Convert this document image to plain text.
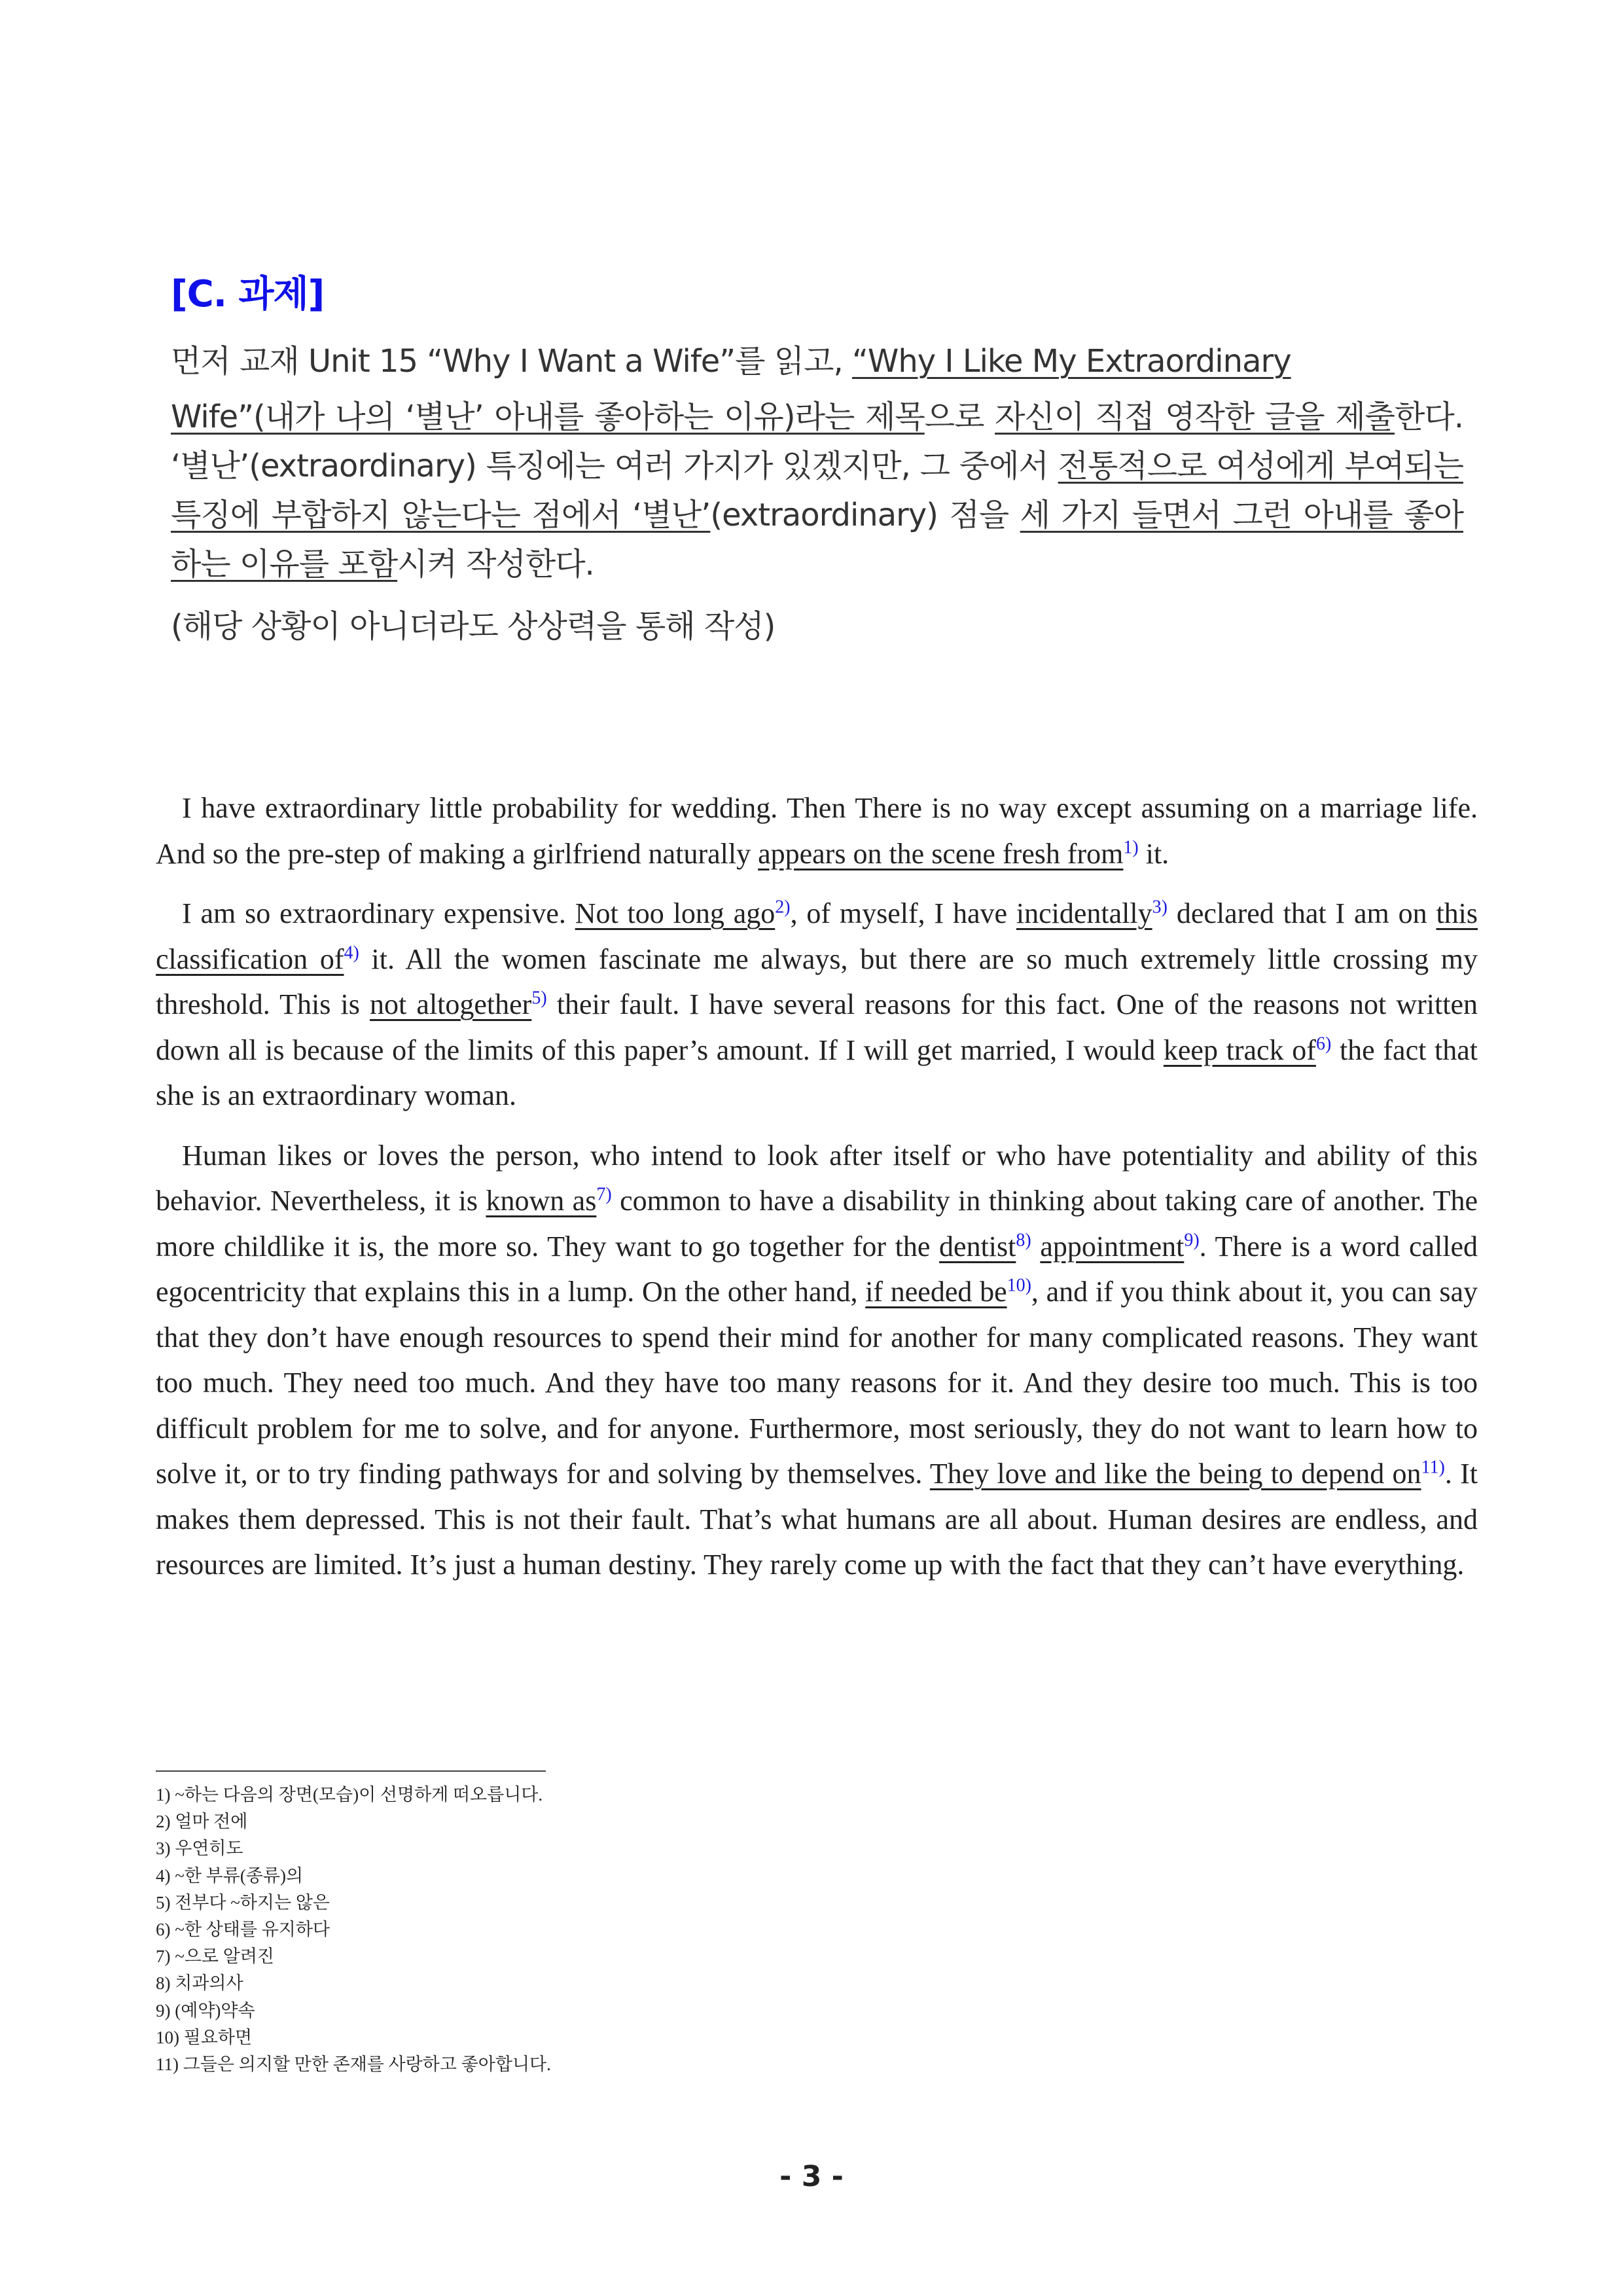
[C. 과제]
먼저 교재 Unit 15 “Why I Want a Wife”를 읽고, “Why I Like My Extraordinary
Wife”(내가 나의 ‘별난’ 아내를 좋아하는 이유)라는 제목으로 자신이 직접 영작한 글을 제출한다. ‘별난’(extraordinary) 특징에는 여러 가지가 있겠지만, 그 중에서 전통적으로 여성에게 부여되는 특징에 부합하지 않는다는 점에서 ‘별난’(extraordinary) 점을 세 가지 들면서 그런 아내를 좋아하는 이유를 포함시켜 작성한다.
(해당 상황이 아니더라도 상상력을 통해 작성)

I have extraordinary little probability for wedding. Then There is no way except assuming on a marriage life. And so the pre-step of making a girlfriend naturally appears on the scene fresh from$^{1)}$ it.

I am so extraordinary expensive. Not too long ago$^{2)}$, of myself, I have incidentally$^{3)}$ declared that I am on this classification $of^{4)}$ it. All the women fascinate me always, but there are so much extremely little crossing my threshold. This is not altogether$^{5)}$ their fault. I have several reasons for this fact. One of the reasons not written down all is because of the limits of this paper’s amount. If I will get married, I would keep track $of^{6)}$ the fact that she is an extraordinary woman.

Human likes or loves the person, who intend to look after itself or who have potentiality and ability of this behavior. Nevertheless, it is known $as^{7)}$ common to have a disability in thinking about taking care of another. The more childlike it is, the more so. They want to go together for the dentist$^{8)}$ appointment$^{9)}$. There is a word called egocentricity that explains this in a lump. On the other hand, if needed $be^{10)}$, and if you think about it, you can say that they don’t have enough resources to spend their mind for another for many complicated reasons. They want too much. They need too much. And they have too many reasons for it. And they desire too much. This is too difficult problem for me to solve, and for anyone. Furthermore, most seriously, they do not want to learn how to solve it, or to try finding pathways for and solving by themselves. They love and like the being to depend $on^{11)}$. It makes them depressed. This is not their fault. That’s what humans are all about. Human desires are endless, and resources are limited. It’s just a human destiny. They rarely come up with the fact that they can’t have everything.

1) ~하는 다음의 장면(모습)이 선명하게 떠오릅니다.
2) 얼마 전에
3) 우연히도
4) ~한 부류(종류)의
5) 전부다 ~하지는 않은
6) ~한 상태를 유지하다
7) ~으로 알려진
8) 치과의사
9) (예약)약속
10) 필요하면
11) 그들은 의지할 만한 존재를 사랑하고 좋아합니다.
- 3 -
